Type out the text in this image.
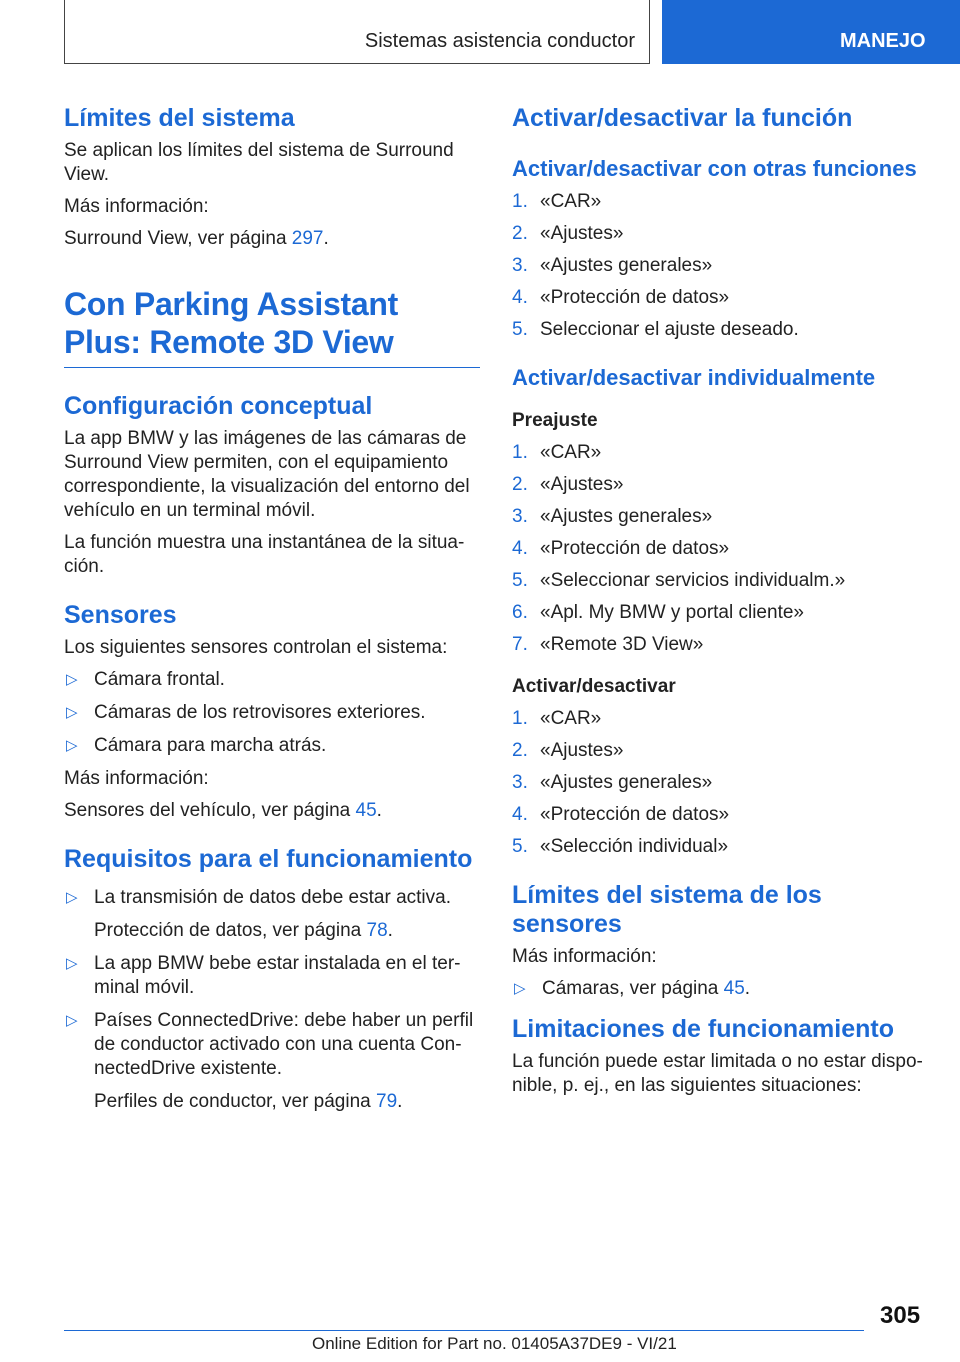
Sistemas asistencia conductor	MANEJO
Límites del sistema
Se aplican los límites del sistema de Surround View.
Más información:
Surround View, ver página 297.
Con Parking Assistant
Plus: Remote 3D View
Configuración conceptual
La app BMW y las imágenes de las cámaras de Surround View permiten, con el equipamiento correspondiente, la visualización del entorno del vehículo en un terminal móvil.
La función muestra una instantánea de la situa‐ción.
Sensores
Los siguientes sensores controlan el sistema:
▷ Cámara frontal.
▷ Cámaras de los retrovisores exteriores.
▷ Cámara para marcha atrás.
Más información:
Sensores del vehículo, ver página 45.
Requisitos para el funcionamiento
▷ La transmisión de datos debe estar activa.
Protección de datos, ver página 78.
▷ La app BMW bebe estar instalada en el ter‐minal móvil.
▷ Países ConnectedDrive: debe haber un perfil de conductor activado con una cuenta Con‐nectedDrive existente.
Perfiles de conductor, ver página 79.
Activar/desactivar la función
Activar/desactivar con otras funciones
1. «CAR»
2. «Ajustes»
3. «Ajustes generales»
4. «Protección de datos»
5. Seleccionar el ajuste deseado.
Activar/desactivar individualmente
Preajuste
1. «CAR»
2. «Ajustes»
3. «Ajustes generales»
4. «Protección de datos»
5. «Seleccionar servicios individualm.»
6. «Apl. My BMW y portal cliente»
7. «Remote 3D View»
Activar/desactivar
1. «CAR»
2. «Ajustes»
3. «Ajustes generales»
4. «Protección de datos»
5. «Selección individual»
Límites del sistema de los sensores
Más información:
▷ Cámaras, ver página 45.
Limitaciones de funcionamiento
La función puede estar limitada o no estar dispo‐nible, p. ej., en las siguientes situaciones:
305
Online Edition for Part no. 01405A37DE9 - VI/21
